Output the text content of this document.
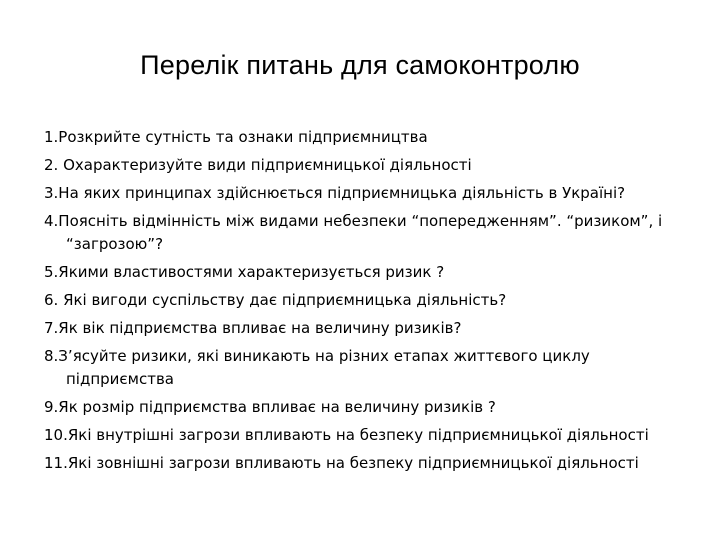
Перелік питань для самоконтролю
1.Розкрийте сутність та ознаки підприємництва
2. Охарактеризуйте види підприємницької діяльності
3.На яких принципах здійснюється підприємницька діяльність в Україні?
4.Поясніть відмінність між видами небезпеки “попередженням”. “ризиком”, і “загрозою”?
5.Якими властивостями характеризується ризик ?
6. Які вигоди суспільству дає підприємницька діяльність?
7.Як вік підприємства впливає на величину ризиків?
8.З’ясуйте ризики, які виникають на різних етапах життєвого циклу підприємства
9.Як розмір підприємства впливає на величину ризиків ?
10.Які внутрішні загрози впливають на безпеку підприємницької діяльності
11.Які зовнішні загрози впливають на безпеку підприємницької діяльності
